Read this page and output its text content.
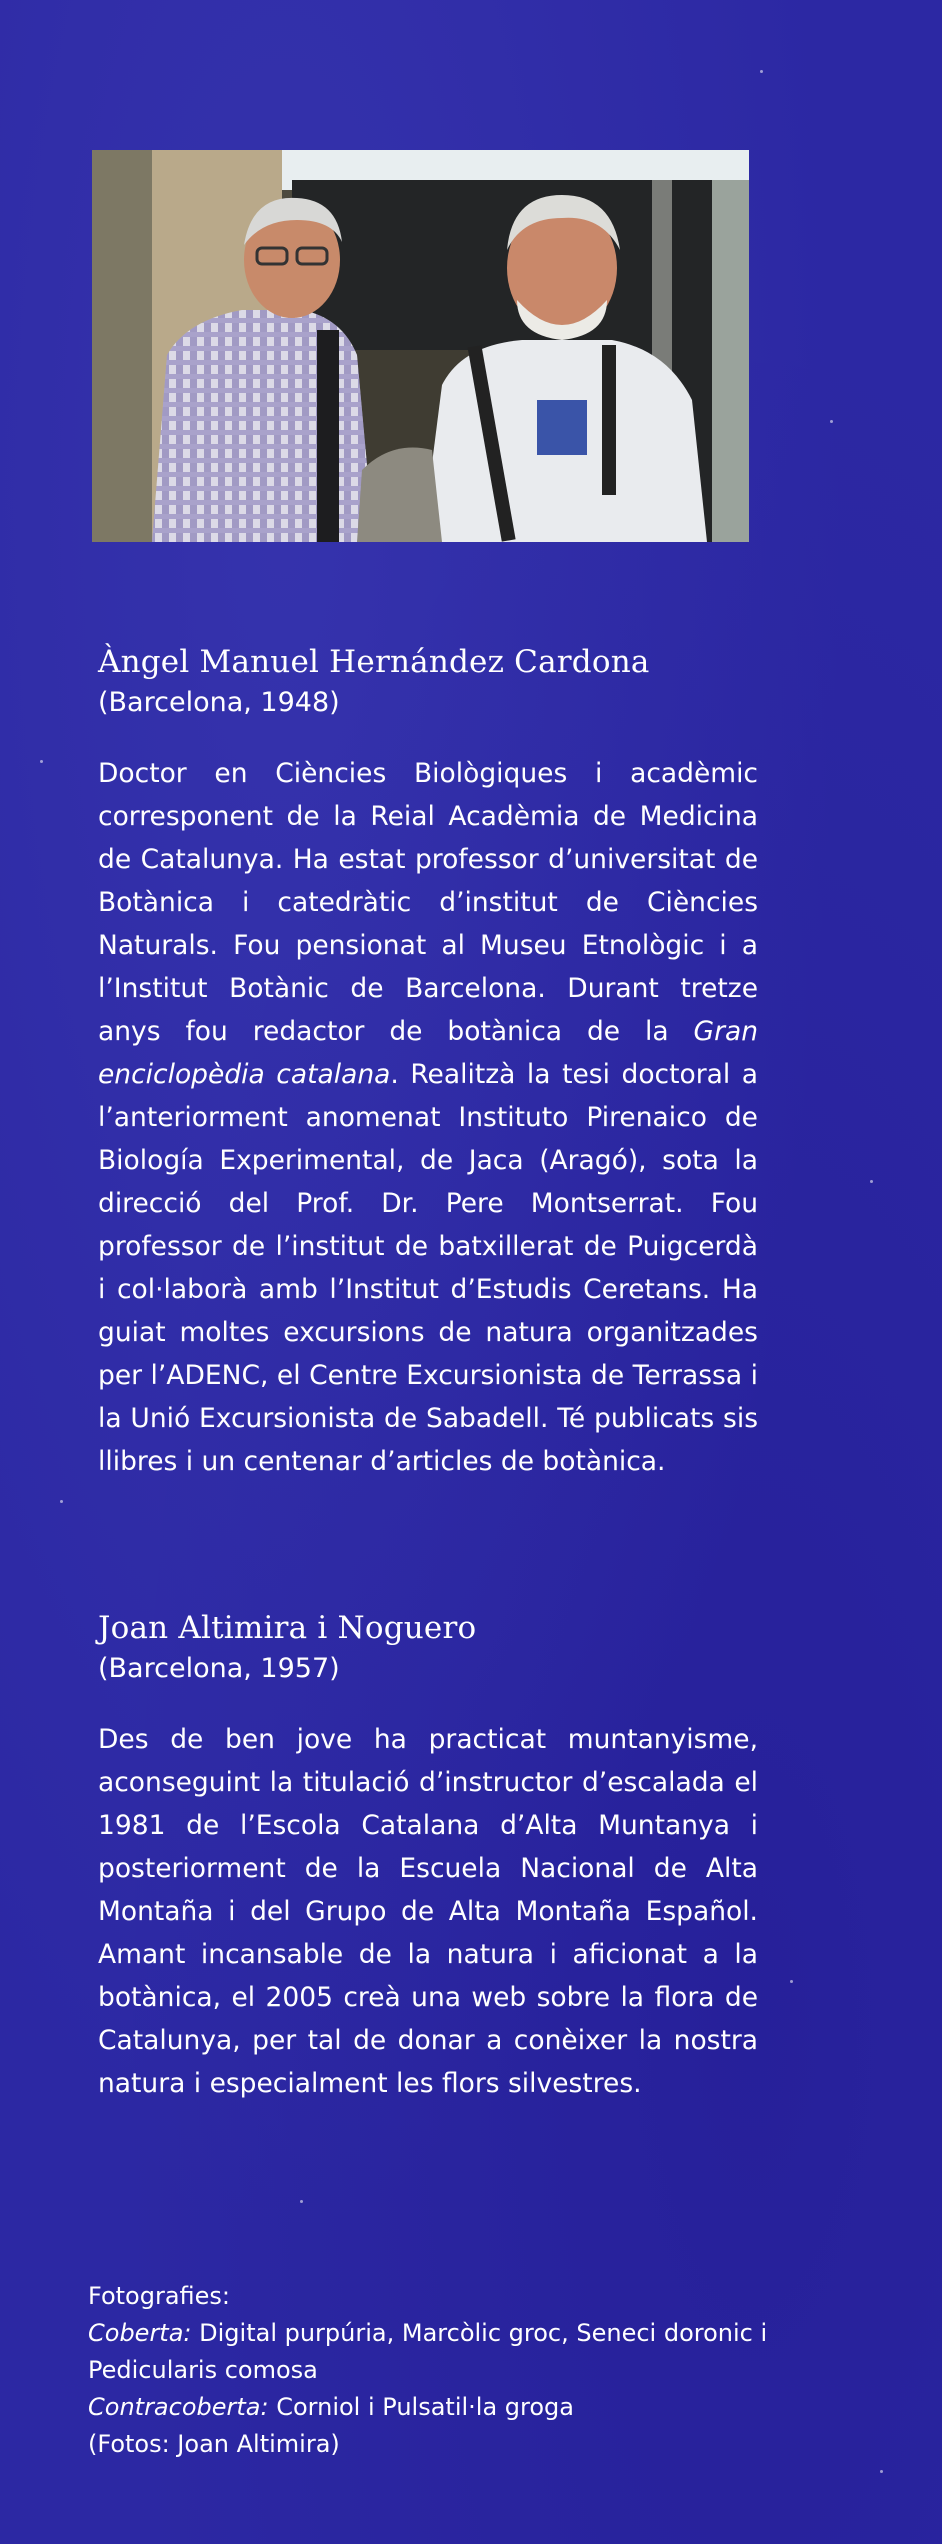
Àngel Manuel Hernández Cardona

(Barcelona, 1948)

Doctor en Ciències Biològiques i acadèmic corresponent de la Reial Acadèmia de Medicina de Catalunya. Ha estat professor d’universitat de Botànica i catedràtic d’institut de Ciències Naturals. Fou pensionat al Museu Etnològic i a l’Institut Botànic de Barcelona. Durant tretze anys fou redactor de botànica de la Gran enciclopèdia catalana. Realitzà la tesi doctoral a l’anteriorment anomenat Instituto Pirenaico de Biología Experimental, de Jaca (Aragó), sota la direcció del Prof. Dr. Pere Montserrat. Fou professor de l’institut de batxillerat de Puigcerdà i col·laborà amb l’Institut d’Estudis Ceretans. Ha guiat moltes excursions de natura organitzades per l’ADENC, el Centre Excursionista de Terrassa i la Unió Excursionista de Sabadell. Té publicats sis llibres i un centenar d’articles de botànica.

Joan Altimira i Noguero

(Barcelona, 1957)

Des de ben jove ha practicat muntanyisme, aconseguint la titulació d’instructor d’escalada el 1981 de l’Escola Catalana d’Alta Muntanya i posteriorment de la Escuela Nacional de Alta Montaña i del Grupo de Alta Montaña Español. Amant incansable de la natura i aficionat a la botànica, el 2005 creà una web sobre la flora de Catalunya, per tal de donar a conèixer la nostra natura i especialment les flors silvestres.

Fotografies:

Coberta: Digital purpúria, Marcòlic groc, Seneci doronic i Pedicularis comosa

Contracoberta: Corniol i Pulsatil·la groga

(Fotos: Joan Altimira)
